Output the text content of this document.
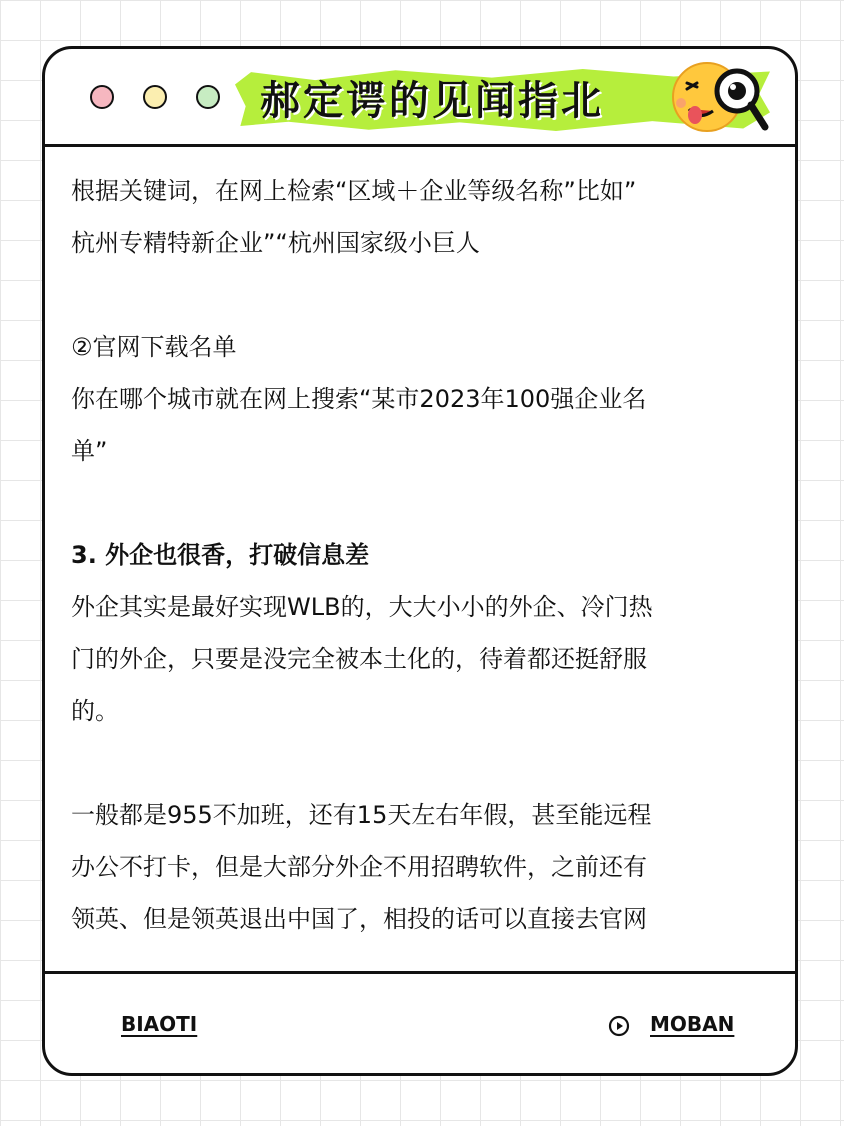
郝定谔的见闻指北

根据关键词，在网上检索“区域＋企业等级名称”比如”

杭州专精特新企业”“杭州国家级小巨人

②官网下载名单

你在哪个城市就在网上搜索“某市2023年100强企业名

单”

3. 外企也很香，打破信息差

外企其实是最好实现WLB的，大大小小的外企、冷门热

门的外企，只要是没完全被本土化的，待着都还挺舒服

的。

一般都是955不加班，还有15天左右年假，甚至能远程

办公不打卡，但是大部分外企不用招聘软件，之前还有

领英、但是领英退出中国了，相投的话可以直接去官网

BIAOTI	MOBAN
